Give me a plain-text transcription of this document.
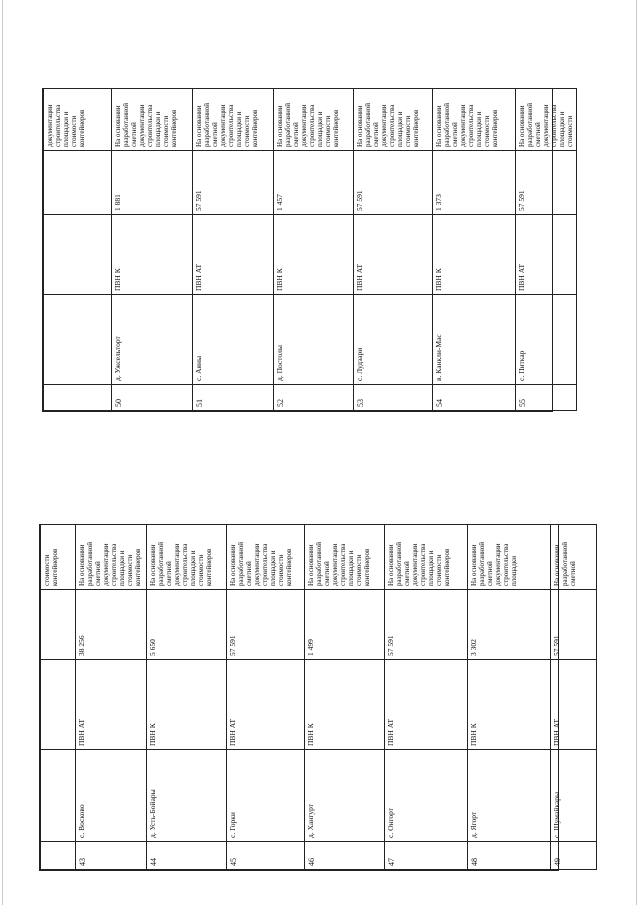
				документации строительства площадки и стоимости контейнеров
50	д. Ужсельторт	ПВН К	1 881	На основании разработанной сметной документации строительства площадки и стоимости контейнеров
51	с. Аяны	ПВН АТ	57 591	На основании разработанной сметной документации строительства площадки и стоимости контейнеров
52	д. Постолы	ПВН К	1 457	На основании разработанной сметной документации строительства площадки и стоимости контейнеров
53	с. Лудзари	ПВН АТ	57 591	На основании разработанной сметной документации строительства площадки и стоимости контейнеров
54	в. Канкли-Мас	ПВН К	1 373	На основании разработанной сметной документации строительства площадки и стоимости контейнеров
55	с. Питкар	ПВН АТ	57 591	На основании разработанной сметной документации строительства площадки и стоимости
				стоимости контейнеров
43	с. Восково	ПВН АТ	38 256	На основании разработанной сметной документации строительства площадки и стоимости контейнеров
44	д. Усть-Бойары	ПВН К	5 650	На основании разработанной сметной документации строительства площадки и стоимости контейнеров
45	с. Горки	ПВН АТ	57 591	На основании разработанной сметной документации строительства площадки и стоимости контейнеров
46	д. Хангурт	ПВН К	1 499	На основании разработанной сметной документации строительства площадки и стоимости контейнеров
47	с. Онгорт	ПВН АТ	57 591	На основании разработанной сметной документации строительства площадки и стоимости контейнеров
48	д. Ягорт	ПВН К	3 302	На основании разработанной сметной документации строительства площадки
49	с. Шумайкары	ПВН АТ	57 591	На основании разработанной сметной
